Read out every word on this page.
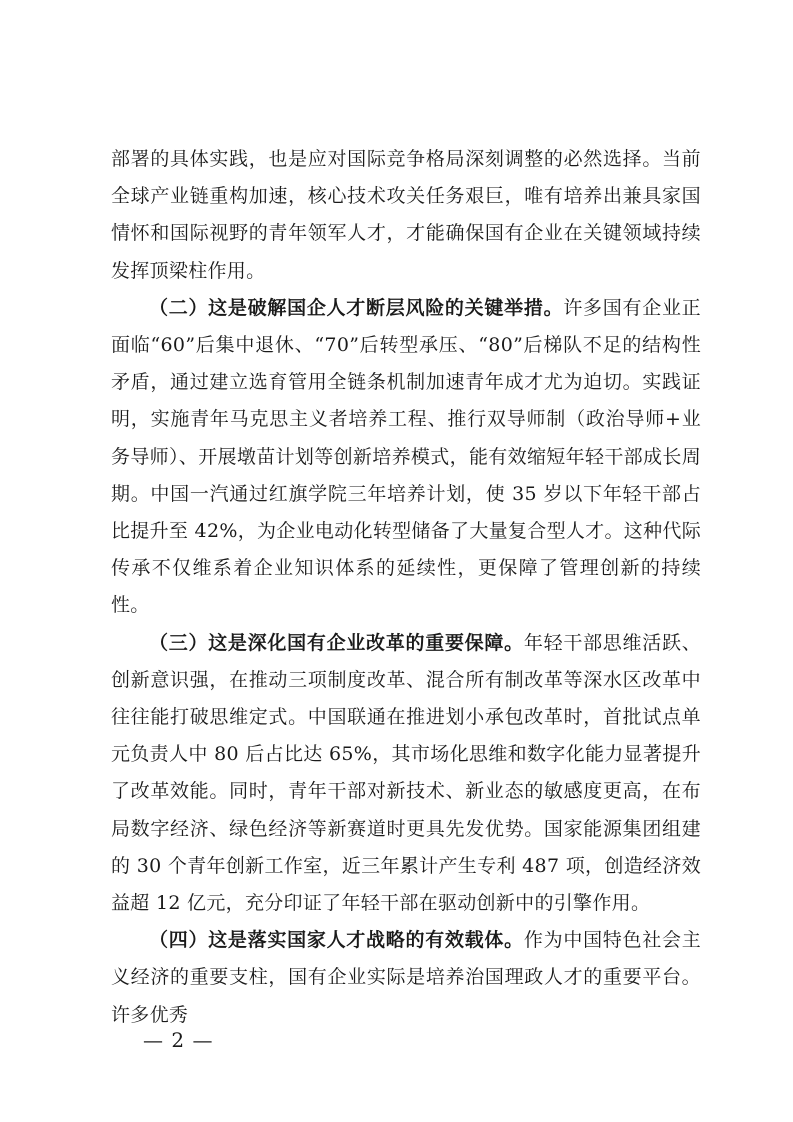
部署的具体实践，也是应对国际竞争格局深刻调整的必然选择。当前全球产业链重构加速，核心技术攻关任务艰巨，唯有培养出兼具家国情怀和国际视野的青年领军人才，才能确保国有企业在关键领域持续发挥顶梁柱作用。

（二）这是破解国企人才断层风险的关键举措。许多国有企业正面临“60”后集中退休、“70”后转型承压、“80”后梯队不足的结构性矛盾，通过建立选育管用全链条机制加速青年成才尤为迫切。实践证明，实施青年马克思主义者培养工程、推行双导师制（政治导师+业务导师）、开展墩苗计划等创新培养模式，能有效缩短年轻干部成长周期。中国一汽通过红旗学院三年培养计划，使 35 岁以下年轻干部占比提升至 42%，为企业电动化转型储备了大量复合型人才。这种代际传承不仅维系着企业知识体系的延续性，更保障了管理创新的持续性。

（三）这是深化国有企业改革的重要保障。年轻干部思维活跃、创新意识强，在推动三项制度改革、混合所有制改革等深水区改革中往往能打破思维定式。中国联通在推进划小承包改革时，首批试点单元负责人中 80 后占比达 65%，其市场化思维和数字化能力显著提升了改革效能。同时，青年干部对新技术、新业态的敏感度更高，在布局数字经济、绿色经济等新赛道时更具先发优势。国家能源集团组建的 30 个青年创新工作室，近三年累计产生专利 487 项，创造经济效益超 12 亿元，充分印证了年轻干部在驱动创新中的引擎作用。

（四）这是落实国家人才战略的有效载体。作为中国特色社会主义经济的重要支柱，国有企业实际是培养治国理政人才的重要平台。许多优秀

— 2 —
